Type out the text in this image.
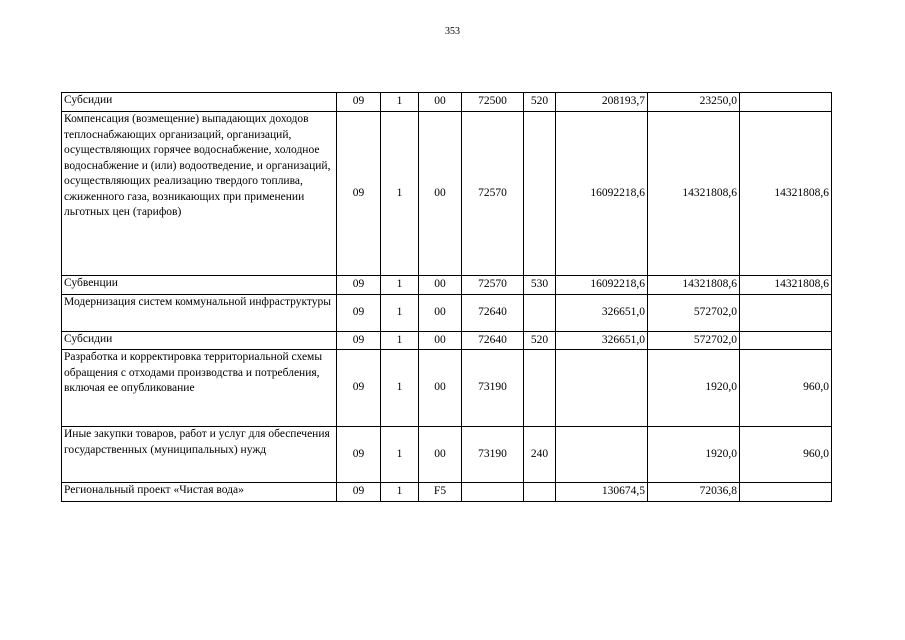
353
Субсидии	09	1	00	72500	520	208193,7	23250,0	
Компенсация (возмещение) выпадающих доходов теплоснабжающих организаций, организаций, осуществляющих горячее водоснабжение, холодное водоснабжение и (или) водоотведение, и организаций, осуществляющих реализацию твердого топлива, сжиженного газа, возникающих при применении льготных цен (тарифов)	09	1	00	72570		16092218,6	14321808,6	14321808,6
Субвенции	09	1	00	72570	530	16092218,6	14321808,6	14321808,6
Модернизация систем коммунальной инфраструктуры	09	1	00	72640		326651,0	572702,0	
Субсидии	09	1	00	72640	520	326651,0	572702,0	
Разработка и корректировка территориальной схемы обращения с отходами производства и потребления, включая ее опубликование	09	1	00	73190			1920,0	960,0
Иные закупки товаров, работ и услуг для обеспечения государственных (муниципальных) нужд	09	1	00	73190	240		1920,0	960,0
Региональный проект «Чистая вода»	09	1	F5			130674,5	72036,8	
